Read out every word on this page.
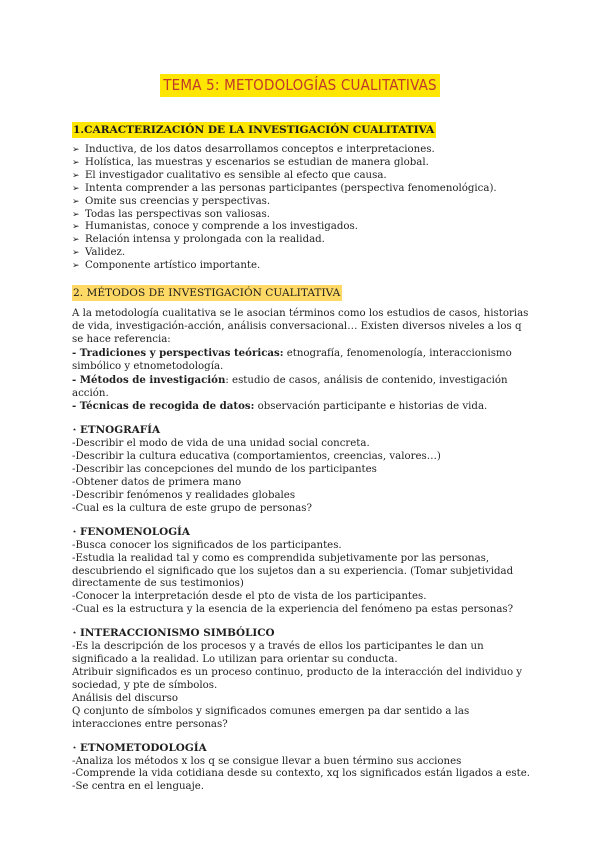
TEMA 5: METODOLOGÍAS CUALITATIVAS
1.CARACTERIZACIÓN DE LA INVESTIGACIÓN CUALITATIVA
➢ Inductiva, de los datos desarrollamos conceptos e interpretaciones.
➢ Holística, las muestras y escenarios se estudian de manera global.
➢ El investigador cualitativo es sensible al efecto que causa.
➢ Intenta comprender a las personas participantes (perspectiva fenomenológica).
➢ Omite sus creencias y perspectivas.
➢ Todas las perspectivas son valiosas.
➢ Humanistas, conoce y comprende a los investigados.
➢ Relación intensa y prolongada con la realidad.
➢ Validez.
➢ Componente artístico importante.
2. MÉTODOS DE INVESTIGACIÓN CUALITATIVA

A la metodología cualitativa se le asocian términos como los estudios de casos, historias de vida, investigación-acción, análisis conversacional… Existen diversos niveles a los q se hace referencia:

- Tradiciones y perspectivas teóricas: etnografía, fenomenología, interaccionismo simbólico y etnometodología.

- Métodos de investigación: estudio de casos, análisis de contenido, investigación acción.

- Técnicas de recogida de datos: observación participante e historias de vida.

⋆ ETNOGRAFÍA

-Describir el modo de vida de una unidad social concreta.

-Describir la cultura educativa (comportamientos, creencias, valores…)

-Describir las concepciones del mundo de los participantes

-Obtener datos de primera mano

-Describir fenómenos y realidades globales

-Cual es la cultura de este grupo de personas?

⋆ FENOMENOLOGÍA

-Busca conocer los significados de los participantes.

-Estudia la realidad tal y como es comprendida subjetivamente por las personas, descubriendo el significado que los sujetos dan a su experiencia. (Tomar subjetividad directamente de sus testimonios)

-Conocer la interpretación desde el pto de vista de los participantes.

-Cual es la estructura y la esencia de la experiencia del fenómeno pa estas personas?

⋆ INTERACCIONISMO SIMBÓLICO

-Es la descripción de los procesos y a través de ellos los participantes le dan un significado a la realidad. Lo utilizan para orientar su conducta.

Atribuir significados es un proceso continuo, producto de la interacción del individuo y sociedad, y pte de símbolos.

Análisis del discurso

Q conjunto de símbolos y significados comunes emergen pa dar sentido a las interacciones entre personas?

⋆ ETNOMETODOLOGÍA

-Analiza los métodos x los q se consigue llevar a buen término sus acciones

-Comprende la vida cotidiana desde su contexto, xq los significados están ligados a este.

-Se centra en el lenguaje.
